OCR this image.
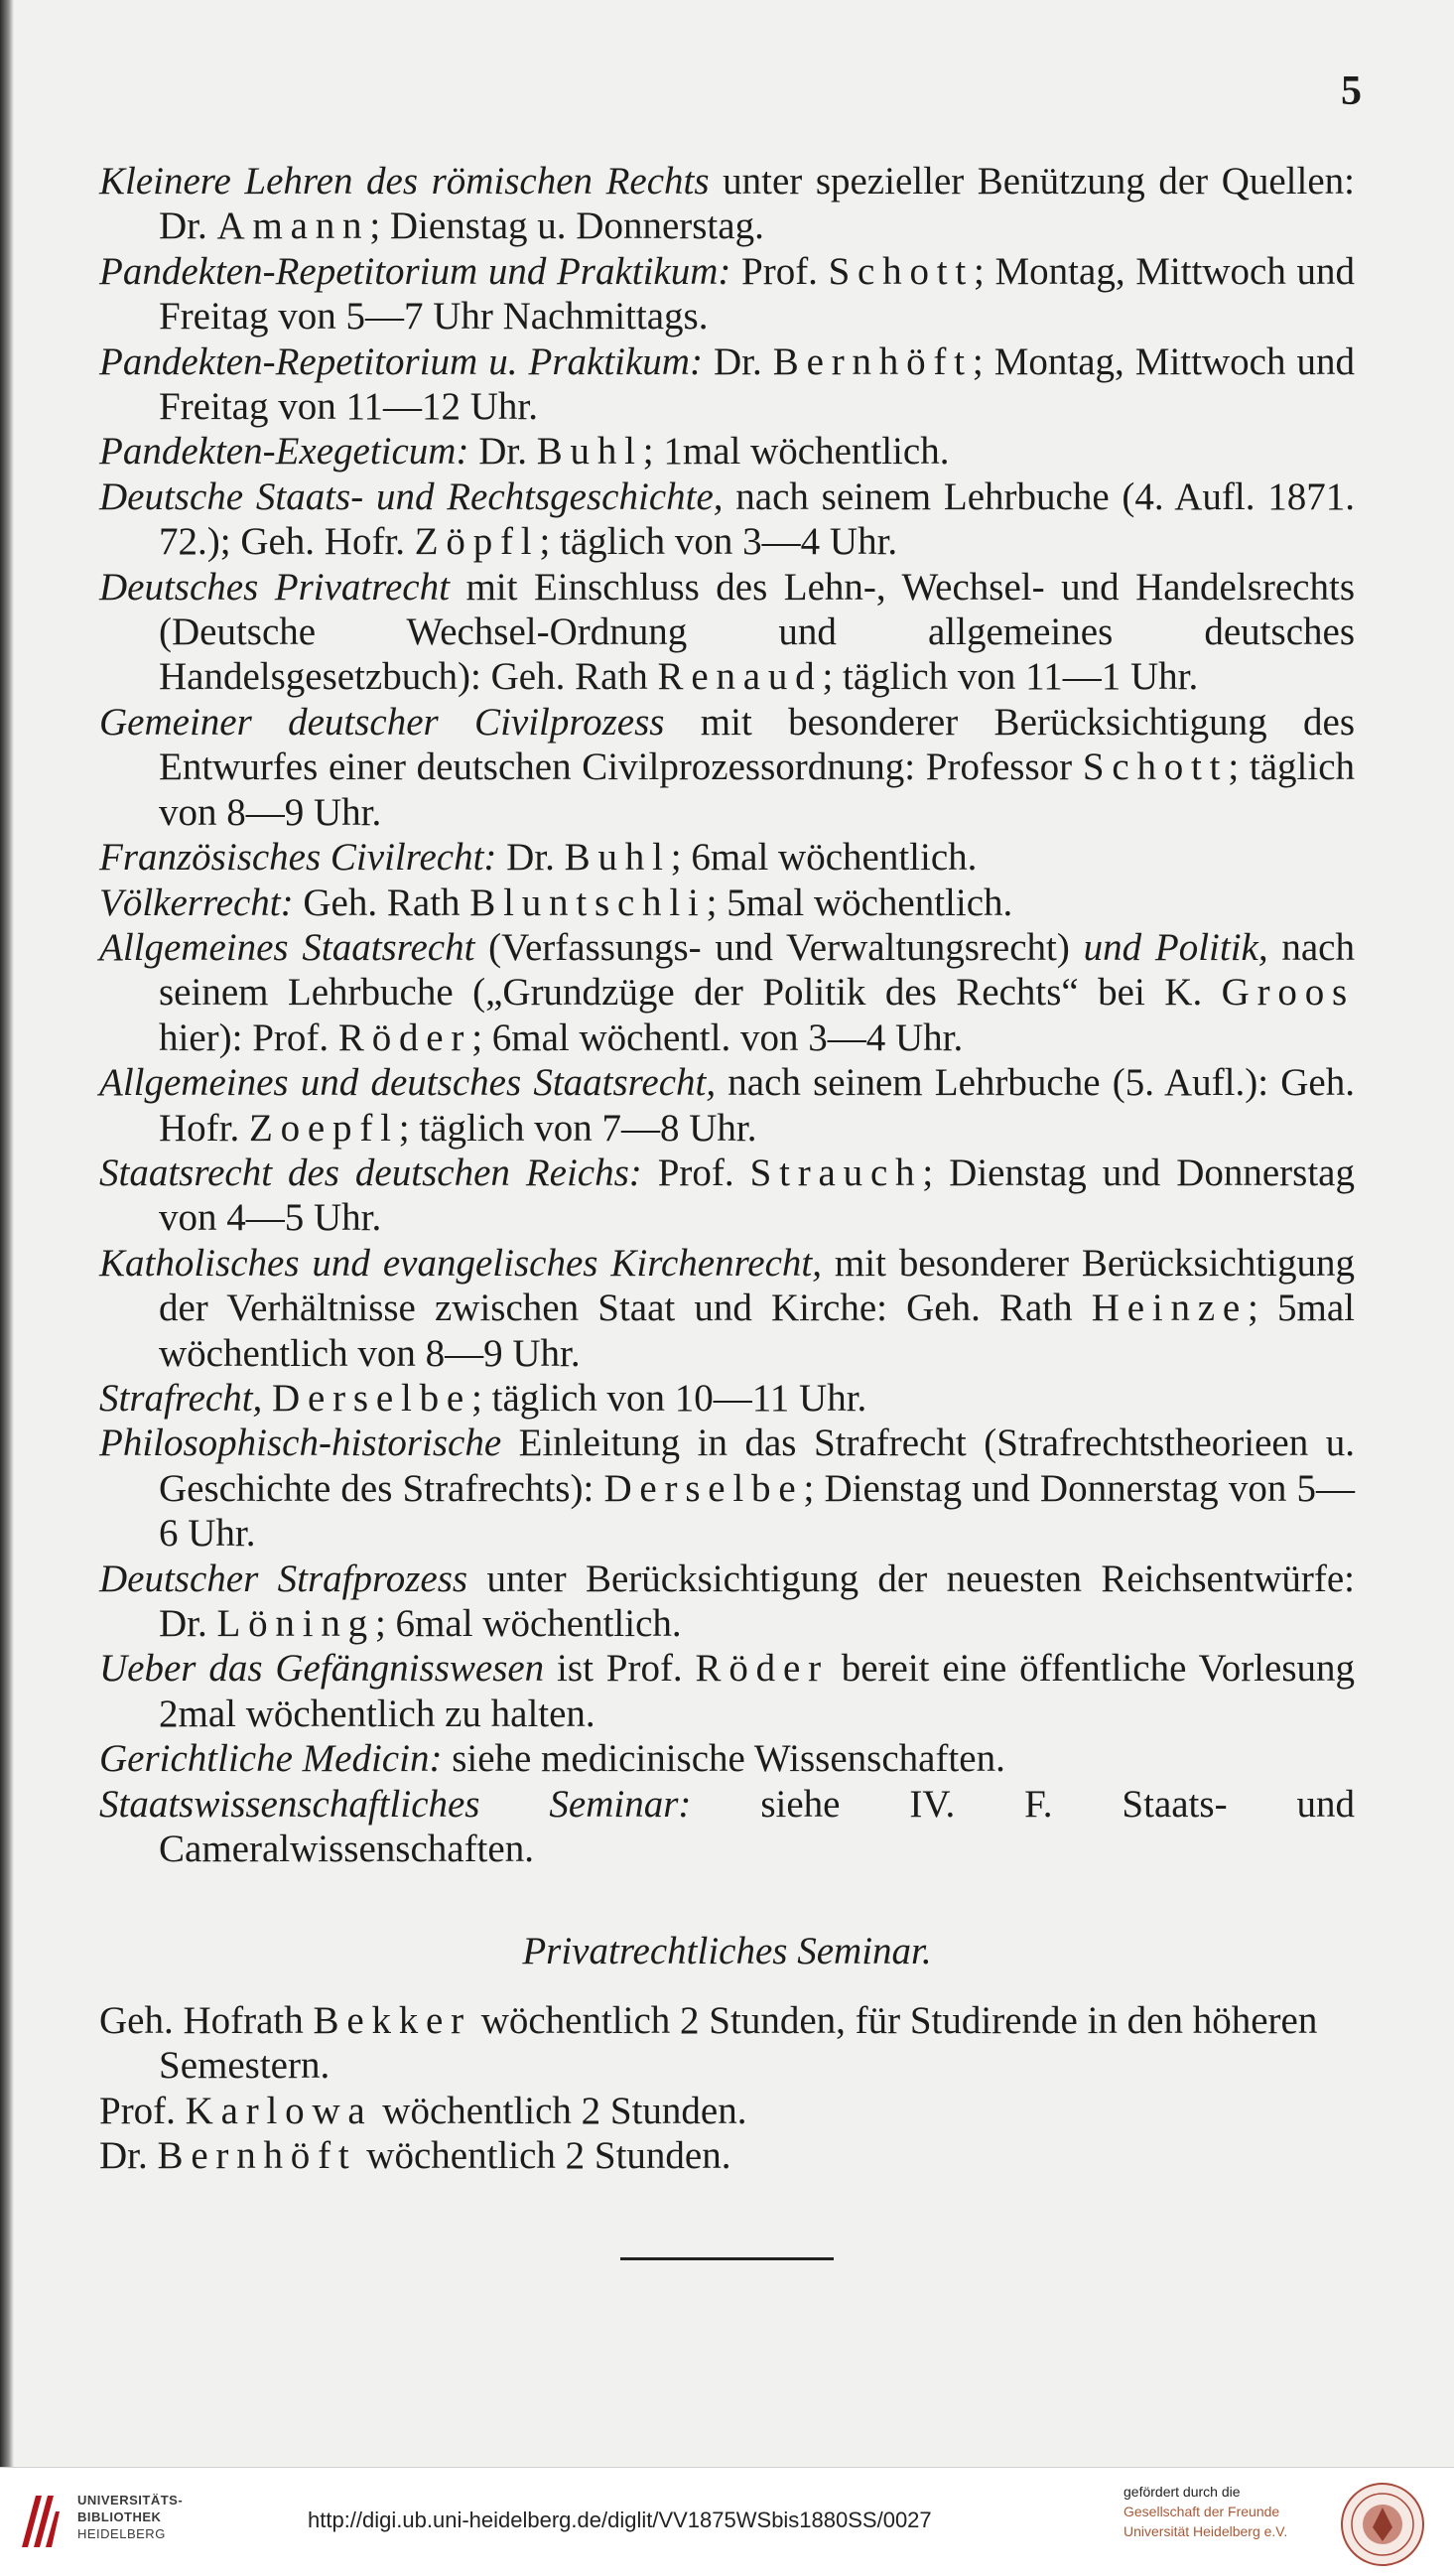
5

Kleinere Lehren des römischen Rechts unter spezieller Benützung der Quellen: Dr. Amann; Dienstag u. Donnerstag.

Pandekten-Repetitorium und Praktikum: Prof. Schott; Montag, Mittwoch und Freitag von 5—7 Uhr Nachmittags.

Pandekten-Repetitorium u. Praktikum: Dr. Bernhöft; Montag, Mittwoch und Freitag von 11—12 Uhr.

Pandekten-Exegeticum: Dr. Buhl; 1mal wöchentlich.

Deutsche Staats- und Rechtsgeschichte, nach seinem Lehrbuche (4. Aufl. 1871. 72.); Geh. Hofr. Zöpfl; täglich von 3—4 Uhr.

Deutsches Privatrecht mit Einschluss des Lehn-, Wechsel- und Handelsrechts (Deutsche Wechsel-Ordnung und allgemeines deutsches Handelsgesetzbuch): Geh. Rath Renaud; täglich von 11—1 Uhr.

Gemeiner deutscher Civilprozess mit besonderer Berücksichtigung des Entwurfes einer deutschen Civilprozessordnung: Professor Schott; täglich von 8—9 Uhr.

Französisches Civilrecht: Dr. Buhl; 6mal wöchentlich.

Völkerrecht: Geh. Rath Bluntschli; 5mal wöchentlich.

Allgemeines Staatsrecht (Verfassungs- und Verwaltungsrecht) und Politik, nach seinem Lehrbuche („Grundzüge der Politik des Rechts“ bei K. Groos hier): Prof. Röder; 6mal wöchentl. von 3—4 Uhr.

Allgemeines und deutsches Staatsrecht, nach seinem Lehrbuche (5. Aufl.): Geh. Hofr. Zoepfl; täglich von 7—8 Uhr.

Staatsrecht des deutschen Reichs: Prof. Strauch; Dienstag und Donnerstag von 4—5 Uhr.

Katholisches und evangelisches Kirchenrecht, mit besonderer Berücksichtigung der Verhältnisse zwischen Staat und Kirche: Geh. Rath Heinze; 5mal wöchentlich von 8—9 Uhr.

Strafrecht, Derselbe; täglich von 10—11 Uhr.

Philosophisch-historische Einleitung in das Strafrecht (Strafrechtstheorieen u. Geschichte des Strafrechts): Derselbe; Dienstag und Donnerstag von 5—6 Uhr.

Deutscher Strafprozess unter Berücksichtigung der neuesten Reichsentwürfe: Dr. Löning; 6mal wöchentlich.

Ueber das Gefängnisswesen ist Prof. Röder bereit eine öffentliche Vorlesung 2mal wöchentlich zu halten.

Gerichtliche Medicin: siehe medicinische Wissenschaften.

Staatswissenschaftliches Seminar: siehe IV. F. Staats- und Cameralwissenschaften.

Privatrechtliches Seminar.

Geh. Hofrath Bekker wöchentlich 2 Stunden, für Studirende in den höheren Semestern.

Prof. Karlowa wöchentlich 2 Stunden.

Dr. Bernhöft wöchentlich 2 Stunden.

UNIVERSITÄTS-
BIBLIOTHEK
HEIDELBERG
http://digi.ub.uni-heidelberg.de/diglit/VV1875WSbis1880SS/0027
gefördert durch die
Gesellschaft der Freunde
Universität Heidelberg e.V.
